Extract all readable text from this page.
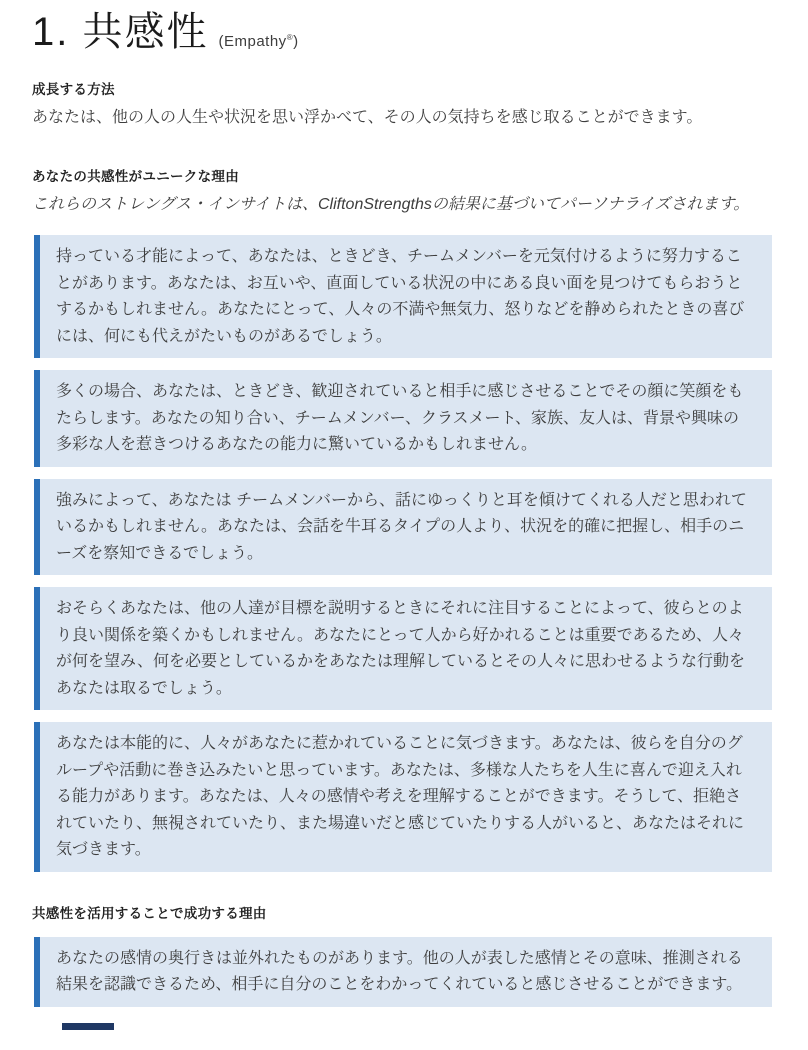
1. 共感性 (Empathy®)
成長する方法

あなたは、他の人の人生や状況を思い浮かべて、その人の気持ちを感じ取ることができます。

あなたの共感性がユニークな理由

これらのストレングス・インサイトは、CliftonStrengthsの結果に基づいてパーソナライズされます。

持っている才能によって、あなたは、ときどき、チームメンバーを元気付けるように努力することがあります。あなたは、お互いや、直面している状況の中にある良い面を見つけてもらおうとするかもしれません。あなたにとって、人々の不満や無気力、怒りなどを静められたときの喜びには、何にも代えがたいものがあるでしょう。

多くの場合、あなたは、ときどき、歓迎されていると相手に感じさせることでその顔に笑顔をもたらします。あなたの知り合い、チームメンバー、クラスメート、家族、友人は、背景や興味の多彩な人を惹きつけるあなたの能力に驚いているかもしれません。

強みによって、あなたは チームメンバーから、話にゆっくりと耳を傾けてくれる人だと思われているかもしれません。あなたは、会話を牛耳るタイプの人より、状況を的確に把握し、相手のニーズを察知できるでしょう。

おそらくあなたは、他の人達が目標を説明するときにそれに注目することによって、彼らとのより良い関係を築くかもしれません。あなたにとって人から好かれることは重要であるため、人々が何を望み、何を必要としているかをあなたは理解しているとその人々に思わせるような行動をあなたは取るでしょう。

あなたは本能的に、人々があなたに惹かれていることに気づきます。あなたは、彼らを自分のグループや活動に巻き込みたいと思っています。あなたは、多様な人たちを人生に喜んで迎え入れる能力があります。あなたは、人々の感情や考えを理解することができます。そうして、拒絶されていたり、無視されていたり、また場違いだと感じていたりする人がいると、あなたはそれに気づきます。

共感性を活用することで成功する理由

あなたの感情の奥行きは並外れたものがあります。他の人が表した感情とその意味、推測される結果を認識できるため、相手に自分のことをわかってくれていると感じさせることができます。
